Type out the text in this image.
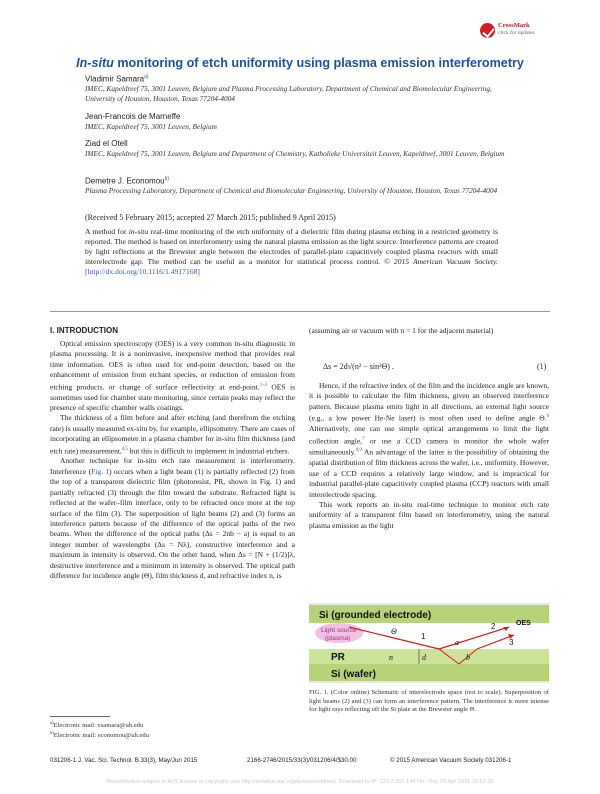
CrossMark
click for updates
In-situ monitoring of etch uniformity using plasma emission interferometry
Vladimir Samara$^{a)}$
IMEC, Kapeldreef 75, 3001 Leuven, Belgium and Plasma Processing Laboratory, Department of Chemical and Biomolecular Engineering, University of Houston, Houston, Texas 77204-4004
Jean-Francois de Marneffe
IMEC, Kapeldreef 75, 3001 Leuven, Belgium
Ziad el Otell
IMEC, Kapeldreef 75, 3001 Leuven, Belgium and Department of Chemistry, Katholieke Universiteit Leuven, Kapeldreef, 3001 Leuven, Belgium
Demetre J. Economou$^{b)}$
Plasma Processing Laboratory, Department of Chemical and Biomolecular Engineering, University of Houston, Houston, Texas 77204-4004
(Received 5 February 2015; accepted 27 March 2015; published 9 April 2015)
A method for in-situ real-time monitoring of the etch uniformity of a dielectric film during plasma etching in a restricted geometry is reported. The method is based on interferometry using the natural plasma emission as the light source. Interference patterns are created by light reflections at the Brewster angle between the electrodes of parallel-plate capacitively coupled plasma reactors with small interelectrode gap. The method can be useful as a monitor for statistical process control. © 2015 American Vacuum Society. [http://dx.doi.org/10.1116/1.4917168]
I. INTRODUCTION

Optical emission spectroscopy (OES) is a very common in-situ diagnostic in plasma processing. It is a noninvasive, inexpensive method that provides real time information. OES is often used for end-point detection, based on the enhancement of emission from etchant species, or reduction of emission from etching products, or change of surface reflectivity at end-point.$^{1-3}$ OES is sometimes used for chamber state monitoring, since certain peaks may reflect the presence of specific chamber walls coatings.

The thickness of a film before and after etching (and therefrom the etching rate) is usually measured ex-situ by, for example, ellipsometry. There are cases of incorporating an ellipsometer in a plasma chamber for in-situ film thickness (and etch rate) measurement,$^{4,5}$ but this is difficult to implement in industrial etchers.

Another technique for in-situ etch rate measurement is interferometry. Interference (Fig. 1) occurs when a light beam (1) is partially reflected (2) from the top of a transparent dielectric film (photoresist, PR, shown in Fig. 1) and partially refracted (3) through the film toward the substrate. Refracted light is reflected at the wafer–film interface, only to be refracted once more at the top surface of the film (3). The superposition of light beams (2) and (3) forms an interference pattern because of the difference of the optical paths of the two beams. When the difference of the optical paths (Δs = 2nb − a) is equal to an integer number of wavelengths (Δs = Nλ), constructive interference and a maximum in intensity is observed. On the other hand, when Δs = [N + (1/2)]λ, destructive interference and a minimum in intensity is observed. The optical path difference for incidence angle (Θ), film thickness d, and refractive index n, is

$^{a)}$Electronic mail: vsamara@uh.edu
$^{b)}$Electronic mail: economou@uh.edu

(assuming air or vacuum with n = 1 for the adjacent material)

Δs = 2d√(n² − sin²Θ) .	(1)

Hence, if the refractive index of the film and the incidence angle are known, it is possible to calculate the film thickness, given an observed interference pattern. Because plasma emits light in all directions, an external light source (e.g., a low power He-Ne laser) is most often used to define angle Θ.$^6$ Alternatively, one can use simple optical arrangements to limit the light collection angle,$^7$ or use a CCD camera to monitor the whole wafer simultaneously.$^{8,9}$ An advantage of the latter is the possibility of obtaining the spatial distribution of film thickness across the wafer, i.e., uniformity. However, use of a CCD requires a relatively large window, and is impractical for industrial parallel-plate capacitively coupled plasma (CCP) reactors with small interelectrode spacing.

This work reports an in-situ real-time technique to monitor etch rate uniformity of a transparent film based on interferometry, using the natural plasma emission as the light

Si (grounded electrode)
Light source
(plasma)
Θ
1
2
3
a
b
OES
PR	n	d
Si (wafer)
FIG. 1. (Color online) Schematic of interelectrode space (not to scale). Superposition of light beams (2) and (3) can form an interference pattern. The interference is more intense for light rays reflecting off the Si plate at the Brewster angle Θ.
031206-1 J. Vac. Sci. Technol. B 33(3), May/Jun 2015	2166-2746/2015/33(3)/031206/4/$30.00	© 2015 American Vacuum Society 031206-1
Redistribution subject to AVS license or copyright; see http://scitation.aip.org/termsconditions. Download to IP: 129.7.202.144 On: Thu, 09 Apr 2015 15:51:25
